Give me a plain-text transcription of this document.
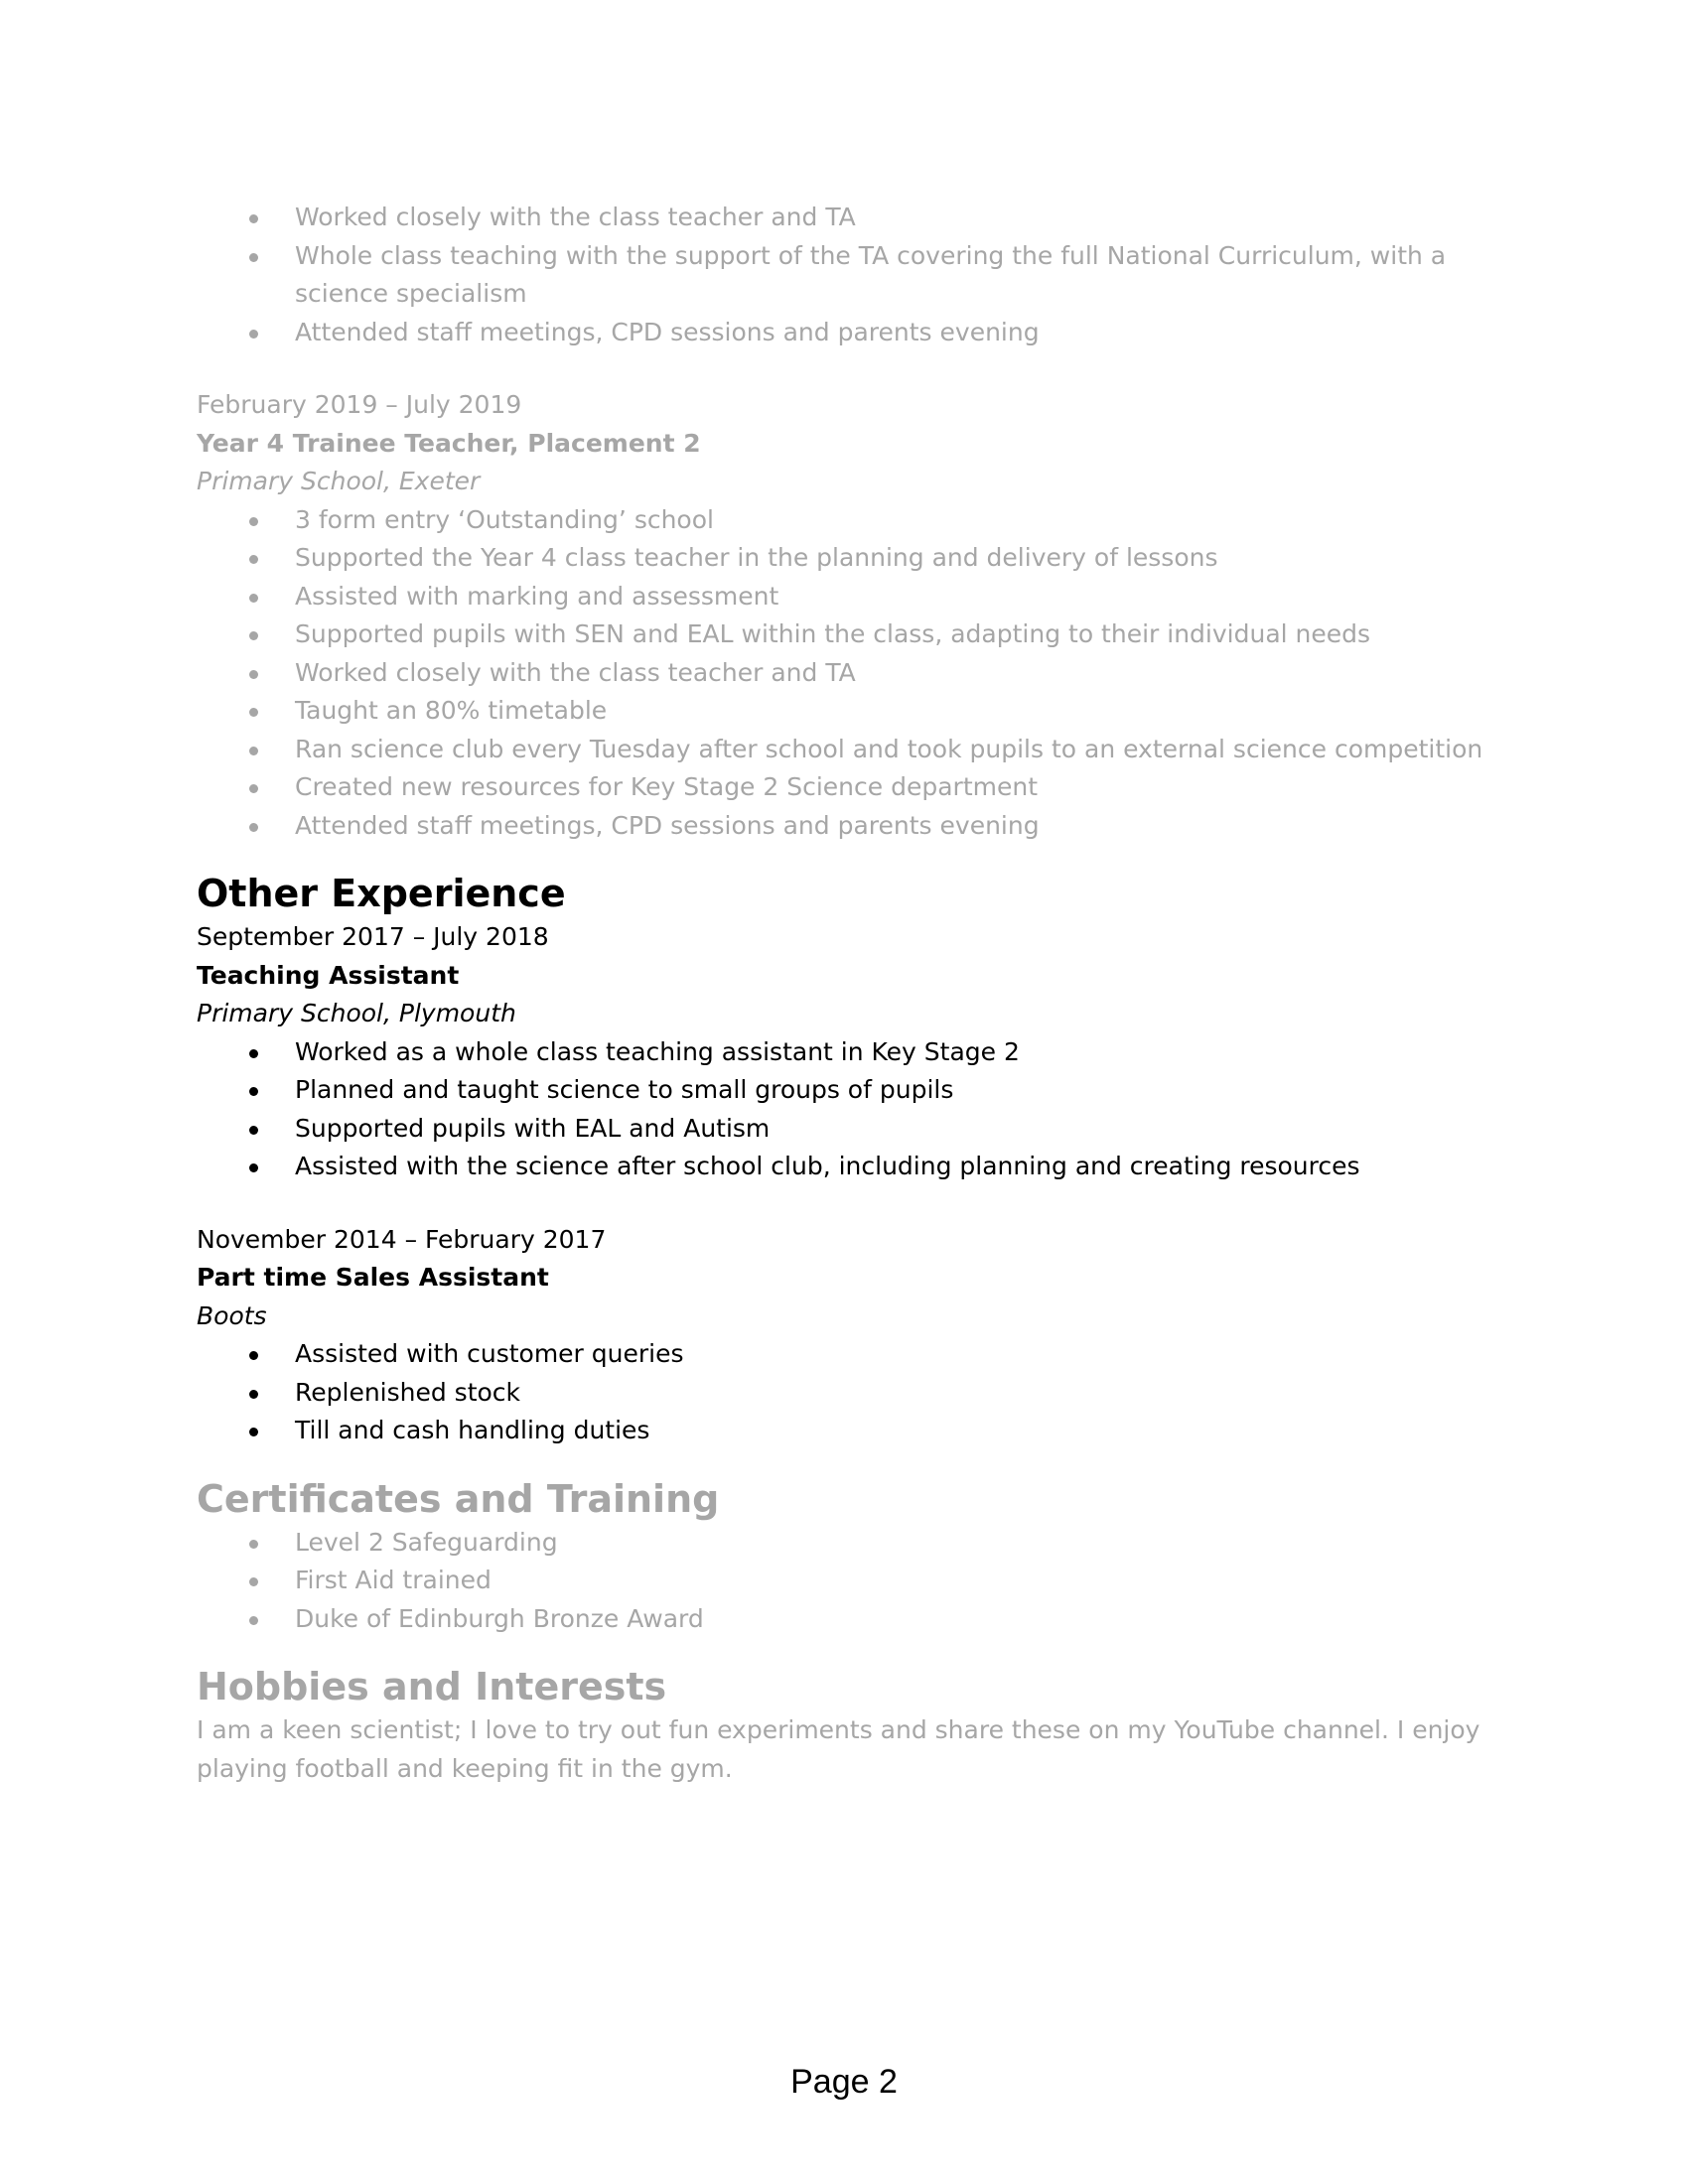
Worked closely with the class teacher and TA
Whole class teaching with the support of the TA covering the full National Curriculum, with a science specialism
Attended staff meetings, CPD sessions and parents evening
February 2019 – July 2019
Year 4 Trainee Teacher, Placement 2
Primary School, Exeter
3 form entry ‘Outstanding’ school
Supported the Year 4 class teacher in the planning and delivery of lessons
Assisted with marking and assessment
Supported pupils with SEN and EAL within the class, adapting to their individual needs
Worked closely with the class teacher and TA
Taught an 80% timetable
Ran science club every Tuesday after school and took pupils to an external science competition
Created new resources for Key Stage 2 Science department
Attended staff meetings, CPD sessions and parents evening
Other Experience
September 2017 – July 2018
Teaching Assistant
Primary School, Plymouth
Worked as a whole class teaching assistant in Key Stage 2
Planned and taught science to small groups of pupils
Supported pupils with EAL and Autism
Assisted with the science after school club, including planning and creating resources
November 2014 – February 2017
Part time Sales Assistant
Boots
Assisted with customer queries
Replenished stock
Till and cash handling duties
Certificates and Training
Level 2 Safeguarding
First Aid trained
Duke of Edinburgh Bronze Award
Hobbies and Interests
I am a keen scientist; I love to try out fun experiments and share these on my YouTube channel. I enjoy playing football and keeping fit in the gym.
Page 2
